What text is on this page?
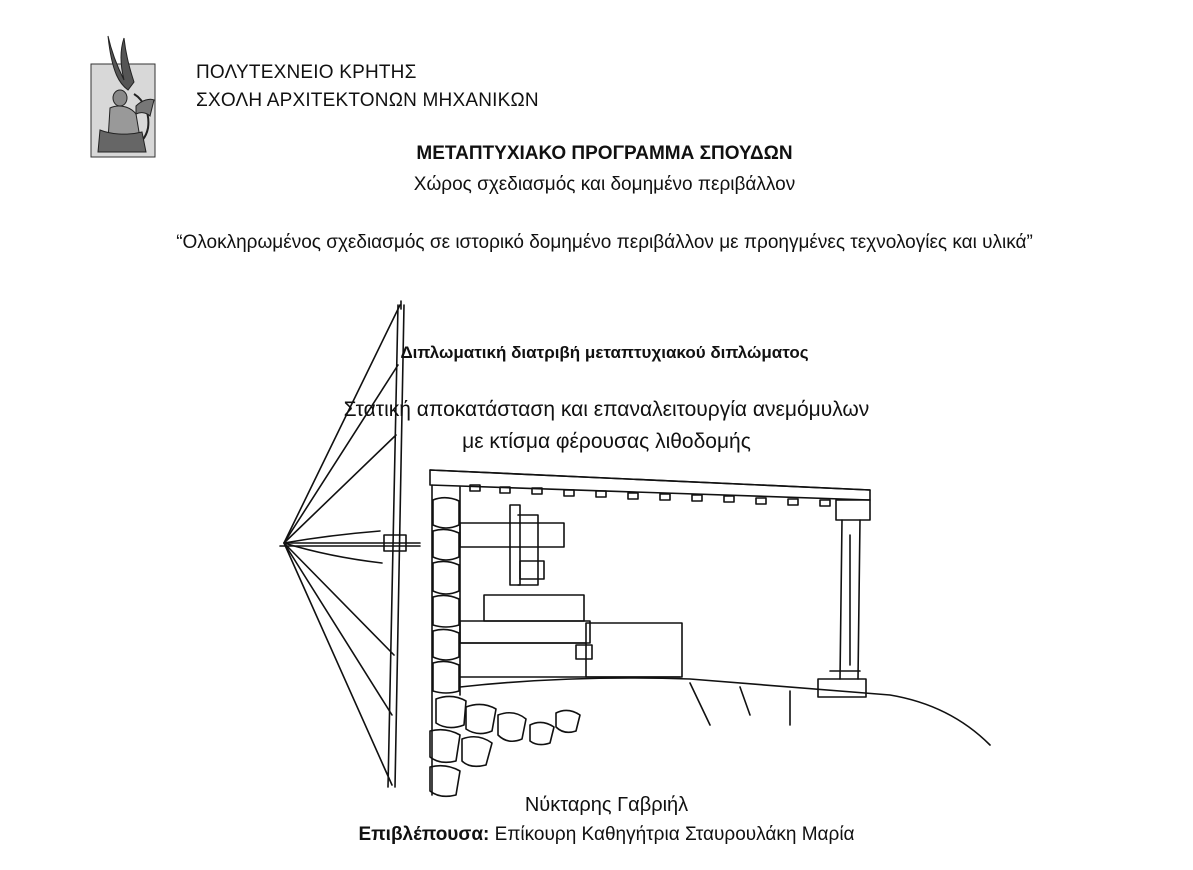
ΠΟΛΥΤΕΧΝΕΙΟ ΚΡΗΤΗΣ
ΣΧΟΛΗ ΑΡΧΙΤΕΚΤΟΝΩΝ ΜΗΧΑΝΙΚΩΝ
ΜΕΤΑΠΤΥΧΙΑΚΟ ΠΡΟΓΡΑΜΜΑ ΣΠΟΥΔΩΝ
Χώρος σχεδιασμός και δομημένο περιβάλλον
“Ολοκληρωμένος σχεδιασμός σε ιστορικό δομημένο περιβάλλον με προηγμένες τεχνολογίες και υλικά”
Διπλωματική διατριβή μεταπτυχιακού διπλώματος
Στατική αποκατάσταση και επαναλειτουργία ανεμόμυλων
με κτίσμα φέρουσας λιθοδομής
Νύκταρης Γαβριήλ
Επιβλέπουσα: Επίκουρη Καθηγήτρια Σταυρουλάκη Μαρία
